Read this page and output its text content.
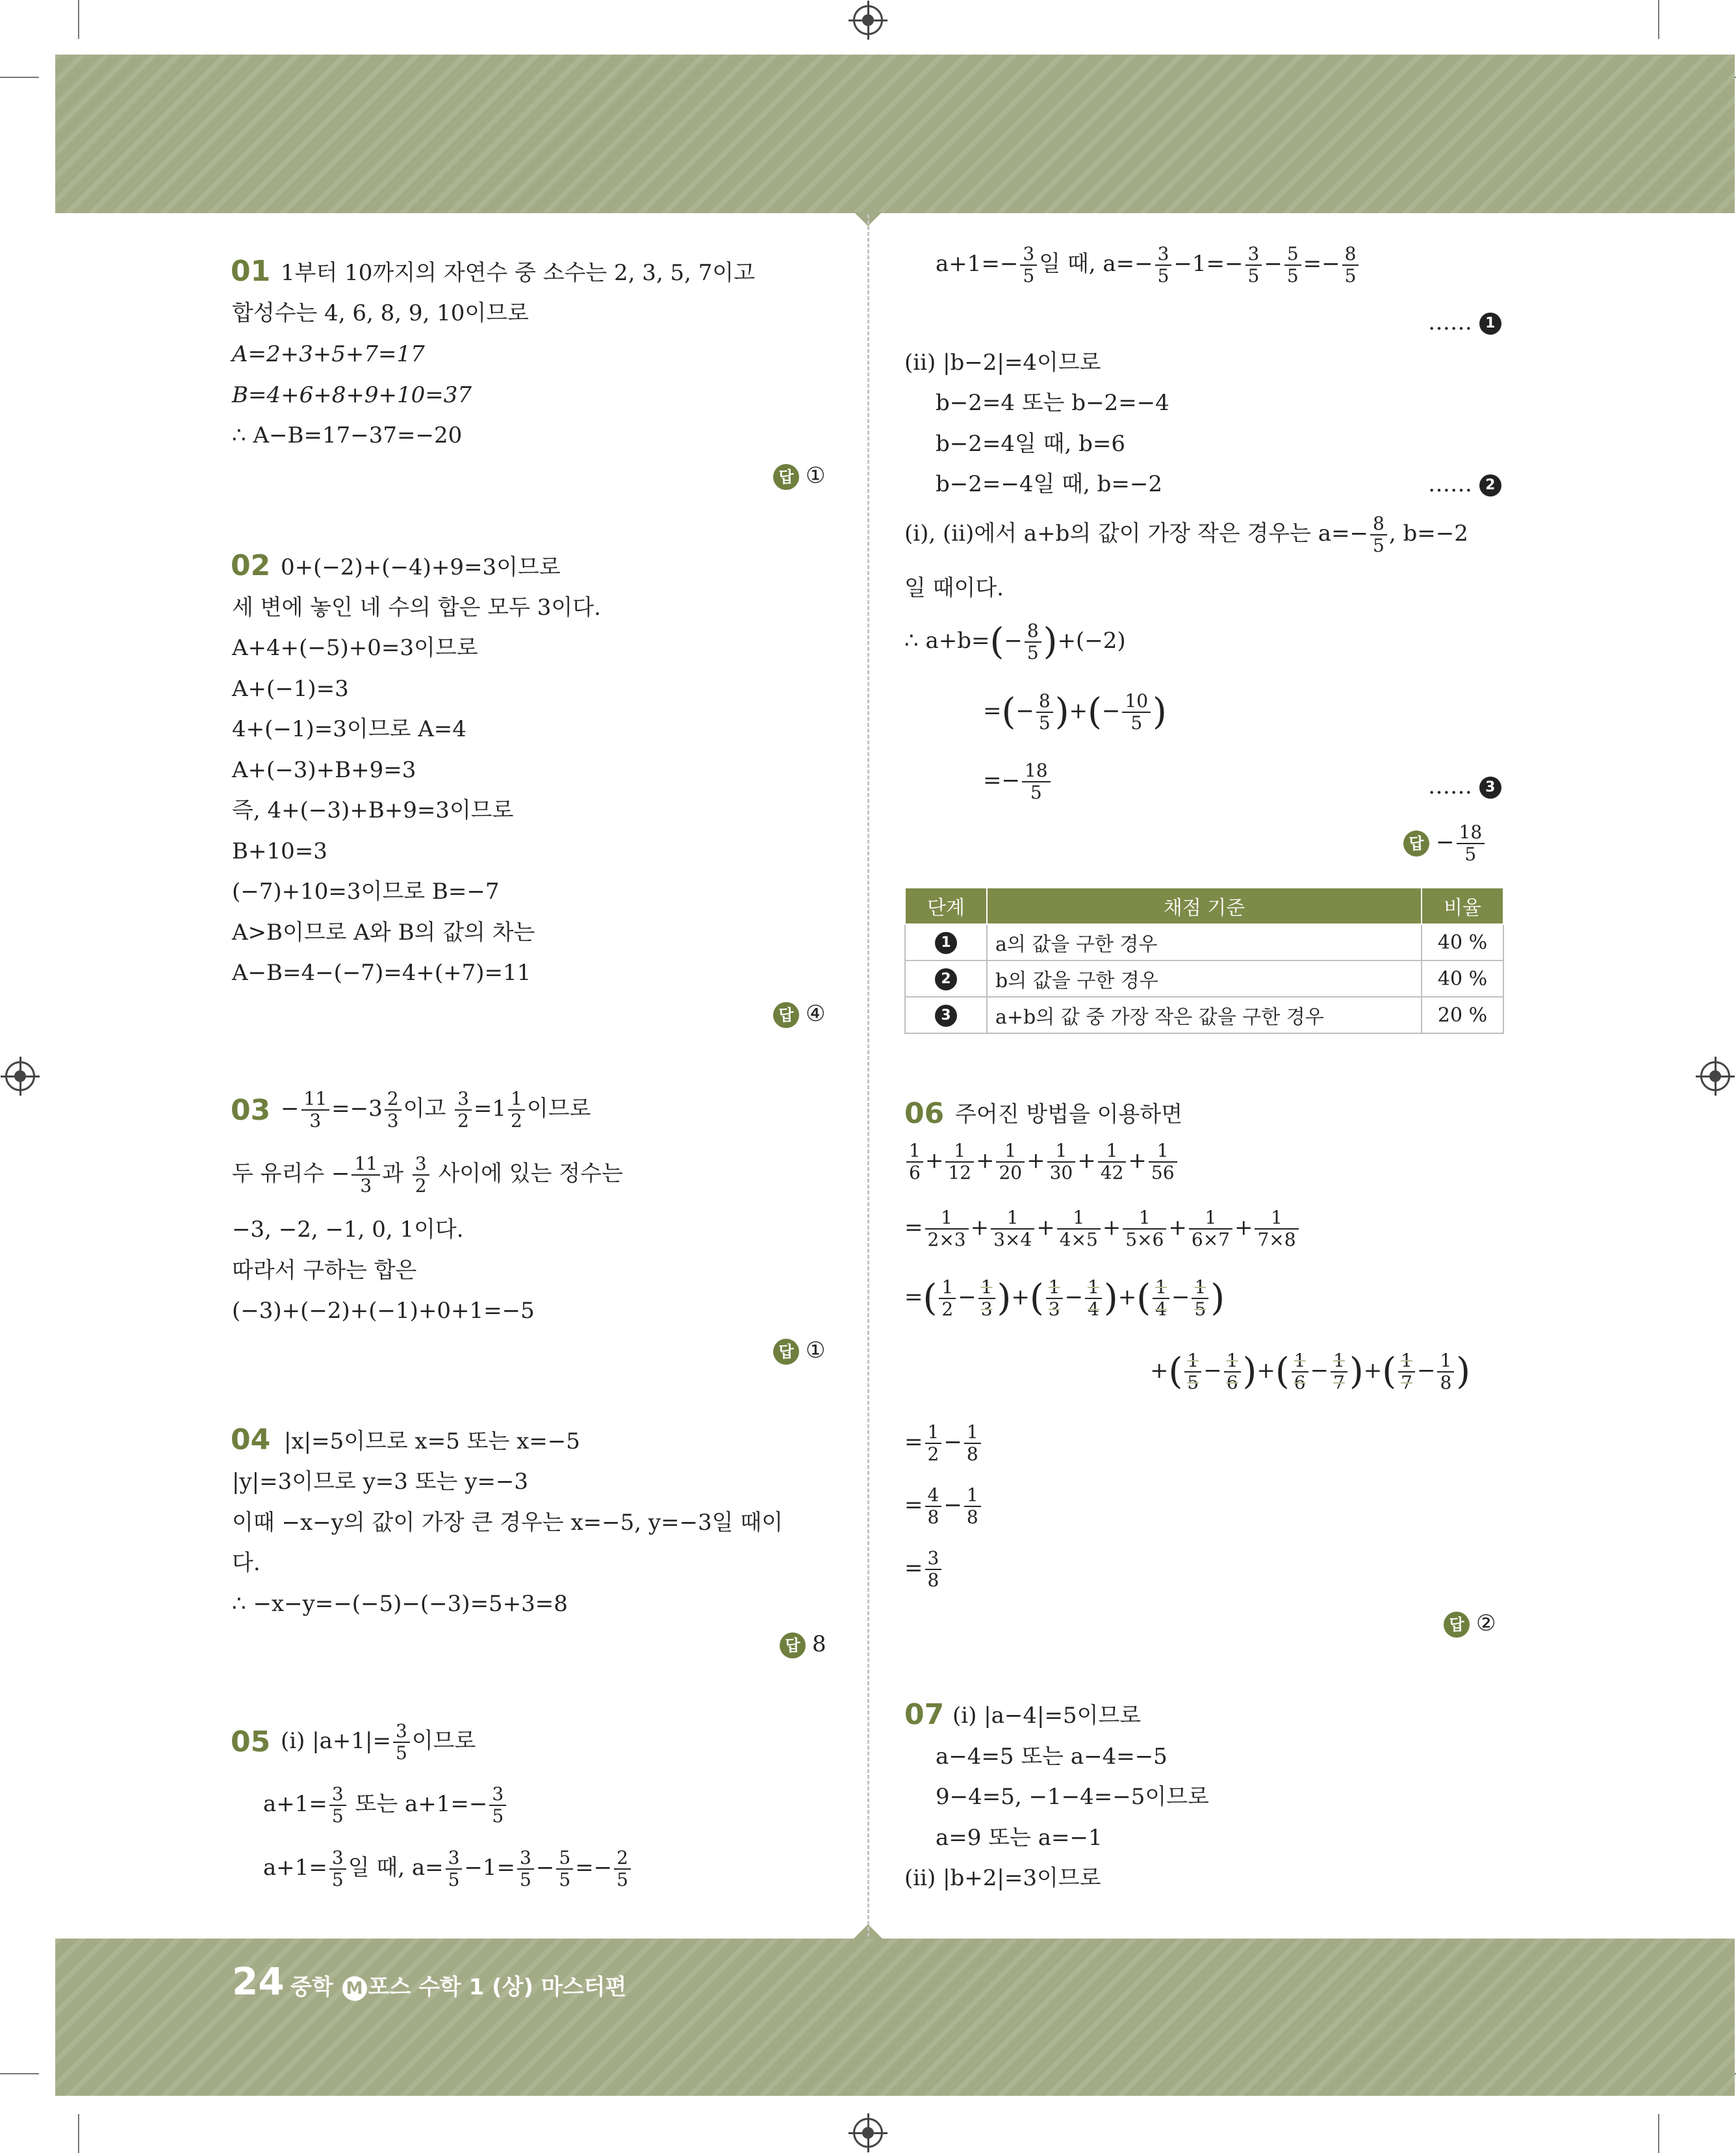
24 중학 M 포스 수학 1 (상) 마스터편
01 1부터 10까지의 자연수 중 소수는 2, 3, 5, 7이고
합성수는 4, 6, 8, 9, 10이므로
A=2+3+5+7=17
B=4+6+8+9+10=37
∴ A−B=17−37=−20
답 ①
02 0+(−2)+(−4)+9=3이므로
세 변에 놓인 네 수의 합은 모두 3이다.
A+4+(−5)+0=3이므로
A+(−1)=3
4+(−1)=3이므로 A=4
A+(−3)+B+9=3
즉, 4+(−3)+B+9=3이므로
B+10=3
(−7)+10=3이므로 B=−7
A>B이므로 A와 B의 값의 차는
A−B=4−(−7)=4+(+7)=11
답 ④
$03 - \frac{11}{3} =-3 \frac{2}{3}$ 이고 $\frac{3}{2} =1 \frac{1}{2}$ 이므로
두 유리수 − $\frac{11}{3}$ 과 $\frac{3}{2}$ 사이에 있는 정수는
−3, −2, −1, 0, 1이다.
따라서 구하는 합은
(−3)+(−2)+(−1)+0+1=−5
답 ①
04 |x|=5이므로 x=5 또는 x=−5
|y|=3이므로 y=3 또는 y=−3
이때 −x−y의 값이 가장 큰 경우는 x=−5, y=−3일 때이
다.
∴ −x−y=−(−5)−(−3)=5+3=8
답 8
05 (i) $|a+1|= \frac{3}{5}$ 이므로
$a+1= \frac{3}{5}$ 또는 $a+1=- \frac{3}{5}$
$a+1= \frac{3}{5}$ 일 때, $a= \frac{3}{5} -1= \frac{3}{5} - \frac{5}{5} =- \frac{2}{5}$
$a+1=- \frac{3}{5}$ 일 때, $a=- \frac{3}{5} -1=- \frac{3}{5} - \frac{5}{5} =- \frac{8}{5}$
…… 1
(ii) |b−2|=4이므로
b−2=4 또는 b−2=−4
b−2=4일 때, b=6
b−2=−4일 때, b=−2	…… 2
(i), (ii)에서 a+b의 값이 가장 작은 경우는 $a=- \frac{8}{5}$ , b=−2
일 때이다.
∴ $a+b=(- \frac{8}{5} )+(-2)$
=(− $\frac{8}{5}$ )+(− $\frac{10}{5}$ )
=− $\frac{18}{5}$	…… 3
답 − $\frac{18}{5}$
단계	채점 기준	비율
1	a의 값을 구한 경우	40 %
2	b의 값을 구한 경우	40 %
3	a+b의 값 중 가장 작은 값을 구한 경우	20 %
06 주어진 방법을 이용하면
$\frac{1}{6} + \frac{1}{12} + \frac{1}{20} + \frac{1}{30} + \frac{1}{42} + \frac{1}{56}$
= $\frac{1}{2\times 3} + \frac{1}{3\times 4} + \frac{1}{4\times 5} + \frac{1}{5\times 6} + \frac{1}{6\times 7} + \frac{1}{7\times 8}$
=( $\frac{1}{2} - \frac{1}{3}$ )+( $\frac{1}{3} - \frac{1}{4}$ )+( $\frac{1}{4} - \frac{1}{5}$ )
+( $\frac{1}{5} - \frac{1}{6}$ )+( $\frac{1}{6} - \frac{1}{7}$ )+( $\frac{1}{7} - \frac{1}{8}$ )
= $\frac{1}{2} - \frac{1}{8}$
= $\frac{4}{8} - \frac{1}{8}$
= $\frac{3}{8}$
답 ②
07 (i) |a−4|=5이므로
a−4=5 또는 a−4=−5
9−4=5, −1−4=−5이므로
a=9 또는 a=−1
(ii) |b+2|=3이므로
